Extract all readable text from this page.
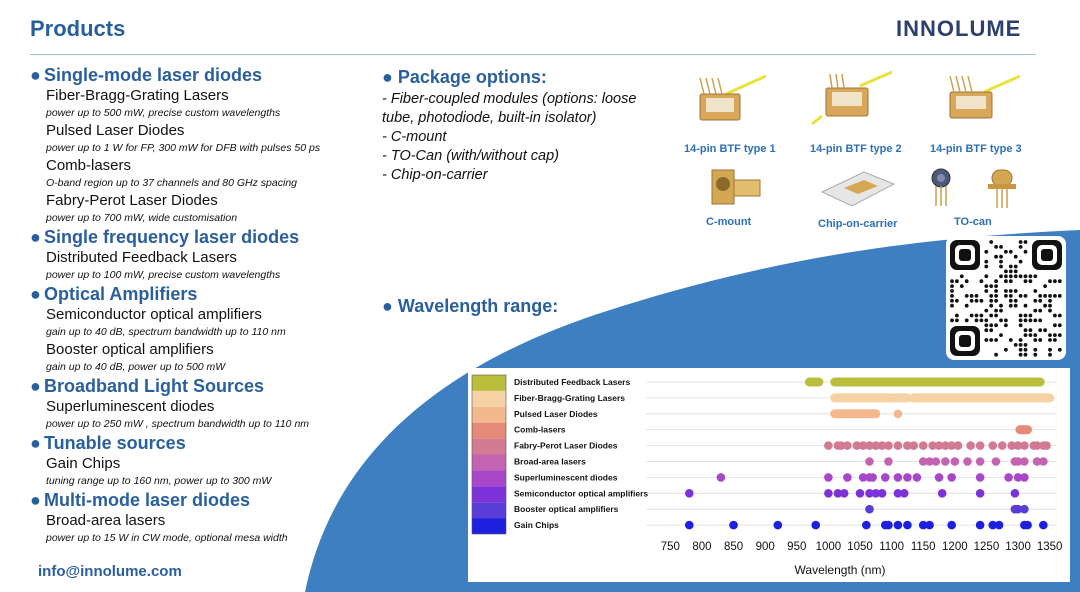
Products	INNOLUME

● Single-mode laser diodes

Fiber-Bragg-Grating Lasers

power up to 500 mW, precise custom wavelengths

Pulsed Laser Diodes

power up to 1 W for FP, 300 mW for DFB with pulses 50 ps

Comb-lasers

O-band region up to 37 channels and 80 GHz spacing

Fabry-Perot Laser Diodes

power up to 700 mW, wide customisation

● Single frequency laser diodes

Distributed Feedback Lasers

power up to 100 mW, precise custom wavelengths

● Optical Amplifiers

Semiconductor optical amplifiers

gain up to 40 dB, spectrum bandwidth up to 110 nm

Booster optical amplifiers

gain up to 40 dB, power up to 500 mW

● Broadband Light Sources

Superluminescent diodes

power up to 250 mW , spectrum bandwidth up to 110 nm

● Tunable sources

Gain Chips

tuning range up to 160 nm, power up to 300 mW

● Multi-mode laser diodes

Broad-area lasers

power up to 15 W in CW mode, optional mesa width

info@innolume.com
● Package options:

- Fiber-coupled modules (options: loose

tube, photodiode, built-in isolator)

- C-mount

- TO-Can (with/without cap)

- Chip-on-carrier

14-pin BTF type 1	14-pin BTF type 2	14-pin BTF type 3
C-mount	Chip-on-carrier	TO-can
● Wavelength range:
Distributed Feedback Lasers
Fiber-Bragg-Grating Lasers
Pulsed Laser Diodes
Comb-lasers
Fabry-Perot Laser Diodes
Broad-area lasers
Superluminescent diodes
Semiconductor optical amplifiers
Booster optical amplifiers
Gain Chips
750 800 850 900 950 1000 1050 1100 1150 1200 1250 1300 1350
Wavelength (nm)
